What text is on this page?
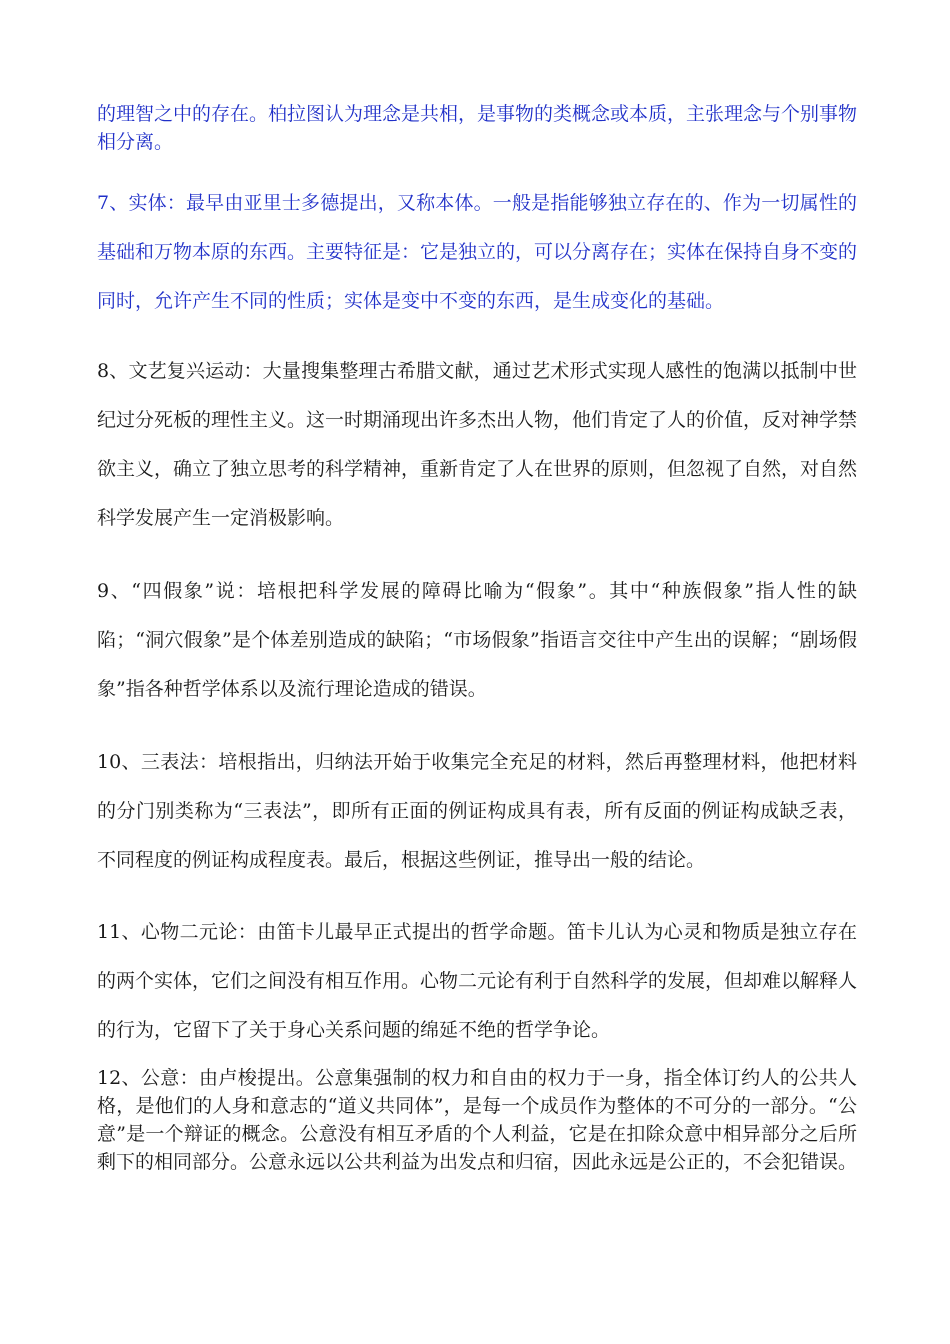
的理智之中的存在。柏拉图认为理念是共相，是事物的类概念或本质，主张理念与个别事物相分离。

7、实体：最早由亚里士多德提出，又称本体。一般是指能够独立存在的、作为一切属性的基础和万物本原的东西。主要特征是：它是独立的，可以分离存在；实体在保持自身不变的同时，允许产生不同的性质；实体是变中不变的东西，是生成变化的基础。

8、文艺复兴运动：大量搜集整理古希腊文献，通过艺术形式实现人感性的饱满以抵制中世纪过分死板的理性主义。这一时期涌现出许多杰出人物，他们肯定了人的价值，反对神学禁欲主义，确立了独立思考的科学精神，重新肯定了人在世界的原则，但忽视了自然，对自然科学发展产生一定消极影响。

9、“四假象”说：培根把科学发展的障碍比喻为“假象”。其中“种族假象”指人性的缺陷；“洞穴假象”是个体差别造成的缺陷；“市场假象”指语言交往中产生出的误解；“剧场假象”指各种哲学体系以及流行理论造成的错误。

10、三表法：培根指出，归纳法开始于收集完全充足的材料，然后再整理材料，他把材料的分门别类称为“三表法”，即所有正面的例证构成具有表，所有反面的例证构成缺乏表，不同程度的例证构成程度表。最后，根据这些例证，推导出一般的结论。

11、心物二元论：由笛卡儿最早正式提出的哲学命题。笛卡儿认为心灵和物质是独立存在的两个实体，它们之间没有相互作用。心物二元论有利于自然科学的发展，但却难以解释人的行为，它留下了关于身心关系问题的绵延不绝的哲学争论。

12、公意：由卢梭提出。公意集强制的权力和自由的权力于一身，指全体订约人的公共人格，是他们的人身和意志的“道义共同体”，是每一个成员作为整体的不可分的一部分。“公意”是一个辩证的概念。公意没有相互矛盾的个人利益，它是在扣除众意中相异部分之后所剩下的相同部分。公意永远以公共利益为出发点和归宿，因此永远是公正的，不会犯错误。
